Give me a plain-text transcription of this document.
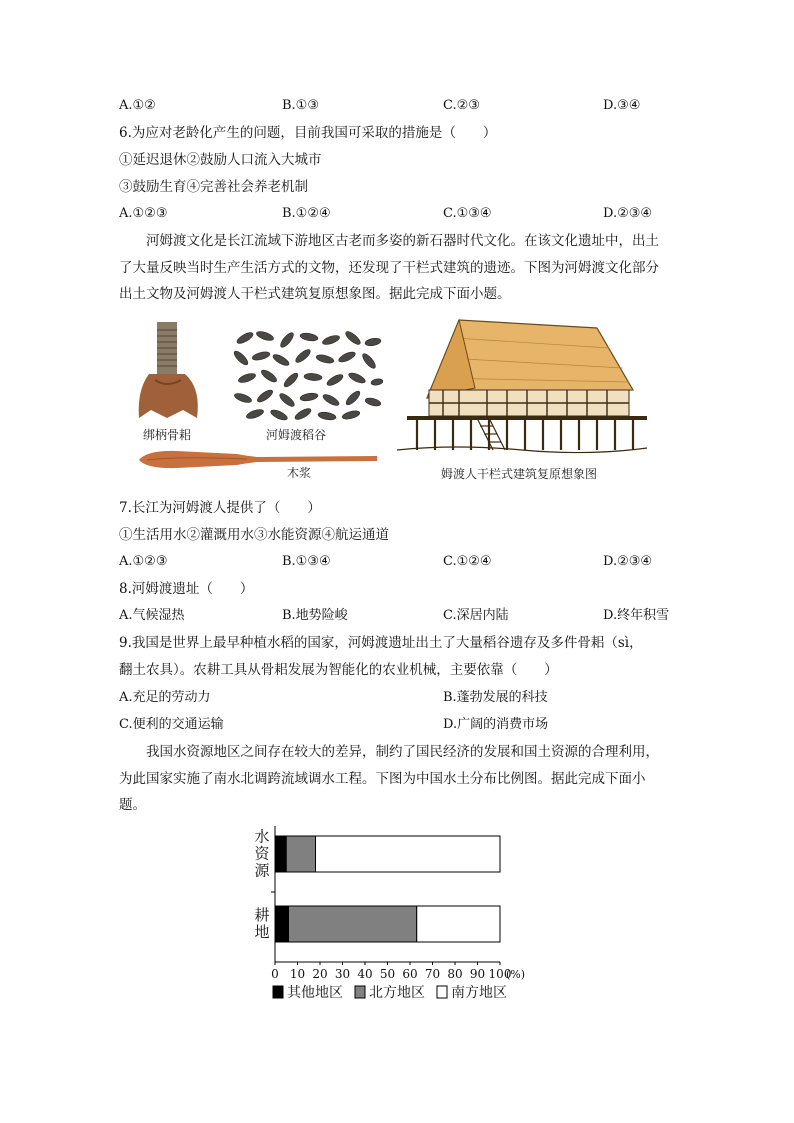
A.①②	B.①③	C.②③	D.③④
6.为应对老龄化产生的问题，目前我国可采取的措施是（　　）
①延迟退休②鼓励人口流入大城市
③鼓励生育④完善社会养老机制
A.①②③	B.①②④	C.①③④	D.②③④
河姆渡文化是长江流域下游地区古老而多姿的新石器时代文化。在该文化遗址中，出土了大量反映当时生产生活方式的文物，还发现了干栏式建筑的遗迹。下图为河姆渡文化部分出土文物及河姆渡人干栏式建筑复原想象图。据此完成下面小题。
绑柄骨耜	河姆渡稻谷
木浆	姆渡人干栏式建筑复原想象图
7.长江为河姆渡人提供了（　　）
①生活用水②灌溉用水③水能资源④航运通道
A.①②③	B.①③④	C.①②④	D.②③④
8.河姆渡遗址（　　）
A.气候湿热	B.地势险峻	C.深居内陆	D.终年积雪
9.我国是世界上最早种植水稻的国家，河姆渡遗址出土了大量稻谷遗存及多件骨耜（sì，
翻土农具）。农耕工具从骨耜发展为智能化的农业机械，主要依靠（　　）
A.充足的劳动力	B.蓬勃发展的科技
C.便利的交通运输	D.广阔的消费市场
我国水资源地区之间存在较大的差异，制约了国民经济的发展和国土资源的合理利用，为此国家实施了南水北调跨流域调水工程。下图为中国水土分布比例图。据此完成下面小题。
水
资
源
耕
地
0 10 20 30 40 50 60 70 80 90 100
(%)
其他地区 北方地区 南方地区
